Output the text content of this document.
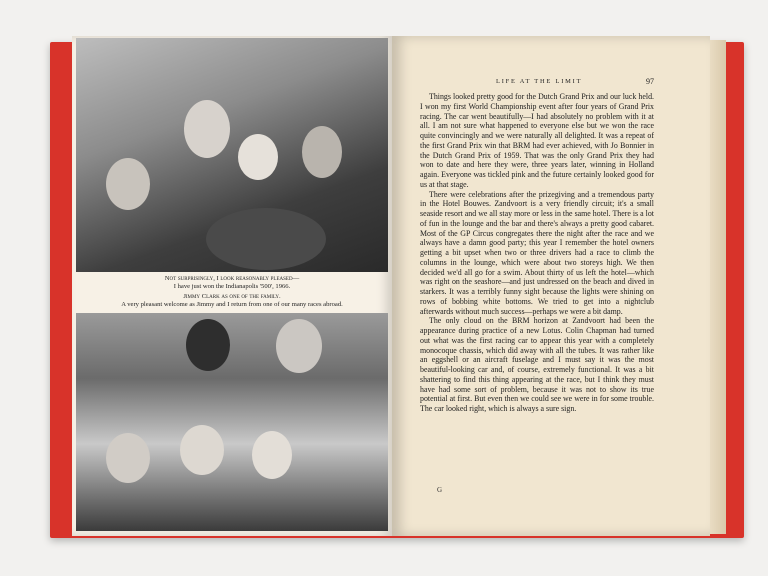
Not surprisingly, I look reasonably pleased—
I have just won the Indianapolis '500', 1966.
Jimmy Clark as one of the family.
A very pleasant welcome as Jimmy and I return from one of our many races abroad.
LIFE AT THE LIMIT	97

Things looked pretty good for the Dutch Grand Prix and our luck held. I won my first World Championship event after four years of Grand Prix racing. The car went beautifully—I had absolutely no problem with it at all. I am not sure what happened to everyone else but we won the race quite convincingly and we were naturally all delighted. It was a repeat of the first Grand Prix win that BRM had ever achieved, with Jo Bonnier in the Dutch Grand Prix of 1959. That was the only Grand Prix they had won to date and here they were, three years later, winning in Holland again. Everyone was tickled pink and the future certainly looked good for us at that stage.

There were celebrations after the prizegiving and a tremendous party in the Hotel Bouwes. Zandvoort is a very friendly circuit; it's a small seaside resort and we all stay more or less in the same hotel. There is a lot of fun in the lounge and the bar and there's always a pretty good cabaret. Most of the GP Circus congregates there the night after the race and we always have a damn good party; this year I remember the hotel owners getting a bit upset when two or three drivers had a race to climb the columns in the lounge, which were about two storeys high. We then decided we'd all go for a swim. About thirty of us left the hotel—which was right on the seashore—and just undressed on the beach and dived in starkers. It was a terribly funny sight because the lights were shining on rows of bobbing white bottoms. We tried to get into a nightclub afterwards without much success—perhaps we were a bit damp.

The only cloud on the BRM horizon at Zandvoort had been the appearance during practice of a new Lotus. Colin Chapman had turned out what was the first racing car to appear this year with a completely monocoque chassis, which did away with all the tubes. It was rather like an eggshell or an aircraft fuselage and I must say it was the most beautiful-looking car and, of course, extremely functional. It was a bit shattering to find this thing appearing at the race, but I think they must have had some sort of problem, because it was not to show its true potential at first. But even then we could see we were in for some trouble. The car looked right, which is always a sure sign.

G
